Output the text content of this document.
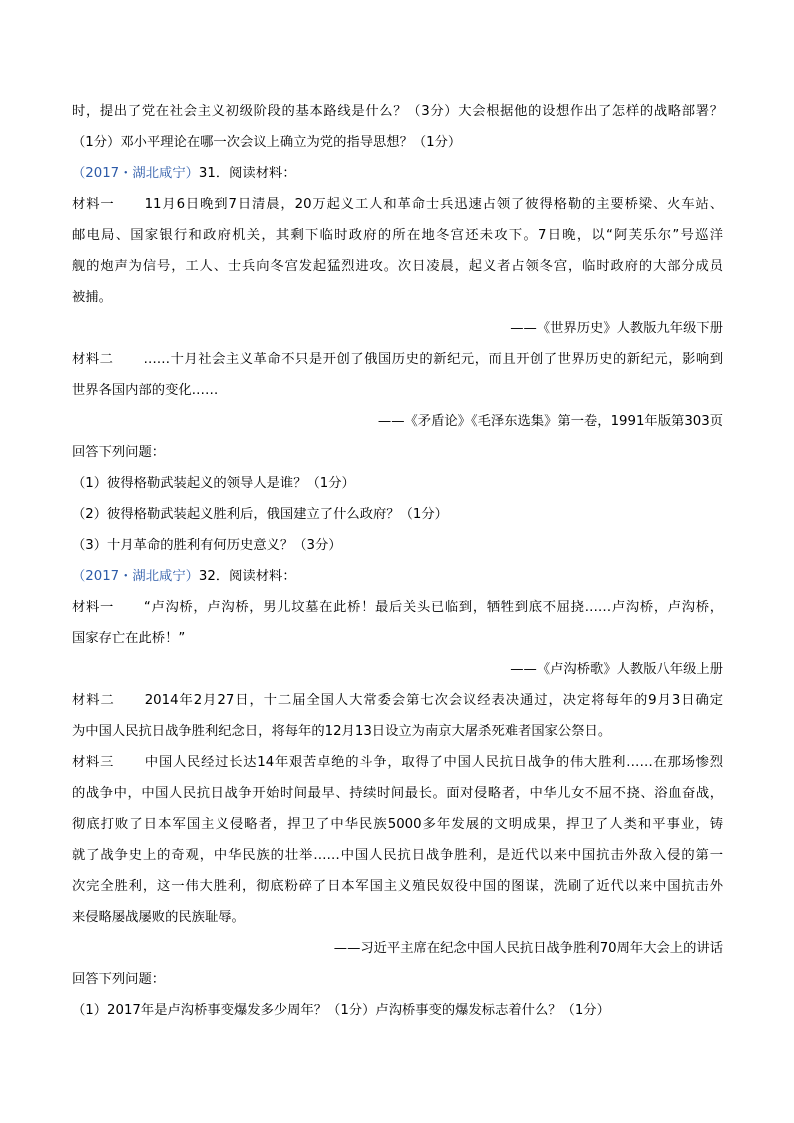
时，提出了党在社会主义初级阶段的基本路线是什么？（3分）大会根据他的设想作出了怎样的战略部署？
（1分）邓小平理论在哪一次会议上确立为党的指导思想？（1分）
（2017・湖北咸宁）31．阅读材料：
材料一 11月6日晚到7日清晨，20万起义工人和革命士兵迅速占领了彼得格勒的主要桥梁、火车站、
邮电局、国家银行和政府机关，其剩下临时政府的所在地冬宫还未攻下。7日晚，以“阿芙乐尔”号巡洋
舰的炮声为信号，工人、士兵向冬宫发起猛烈进攻。次日凌晨，起义者占领冬宫，临时政府的大部分成员
被捕。
——《世界历史》人教版九年级下册
材料二 ……十月社会主义革命不只是开创了俄国历史的新纪元，而且开创了世界历史的新纪元，影响到
世界各国内部的变化……
——《矛盾论》《毛泽东选集》第一卷，1991年版第303页
回答下列问题：
（1）彼得格勒武装起义的领导人是谁？（1分）
（2）彼得格勒武装起义胜利后，俄国建立了什么政府？（1分）
（3）十月革命的胜利有何历史意义？（3分）
（2017・湖北咸宁）32．阅读材料：
材料一 “卢沟桥，卢沟桥，男儿坟墓在此桥！最后关头已临到，牺牲到底不屈挠……卢沟桥，卢沟桥，
国家存亡在此桥！”
——《卢沟桥歌》人教版八年级上册
材料二 2014年2月27日，十二届全国人大常委会第七次会议经表决通过，决定将每年的9月3日确定
为中国人民抗日战争胜利纪念日，将每年的12月13日设立为南京大屠杀死难者国家公祭日。
材料三 中国人民经过长达14年艰苦卓绝的斗争，取得了中国人民抗日战争的伟大胜利……在那场惨烈
的战争中，中国人民抗日战争开始时间最早、持续时间最长。面对侵略者，中华儿女不屈不挠、浴血奋战，
彻底打败了日本军国主义侵略者，捍卫了中华民族5000多年发展的文明成果，捍卫了人类和平事业，铸
就了战争史上的奇观，中华民族的壮举……中国人民抗日战争胜利，是近代以来中国抗击外敌入侵的第一
次完全胜利，这一伟大胜利，彻底粉碎了日本军国主义殖民奴役中国的图谋，洗刷了近代以来中国抗击外
来侵略屡战屡败的民族耻辱。
——习近平主席在纪念中国人民抗日战争胜利70周年大会上的讲话
回答下列问题：
（1）2017年是卢沟桥事变爆发多少周年？（1分）卢沟桥事变的爆发标志着什么？（1分）
